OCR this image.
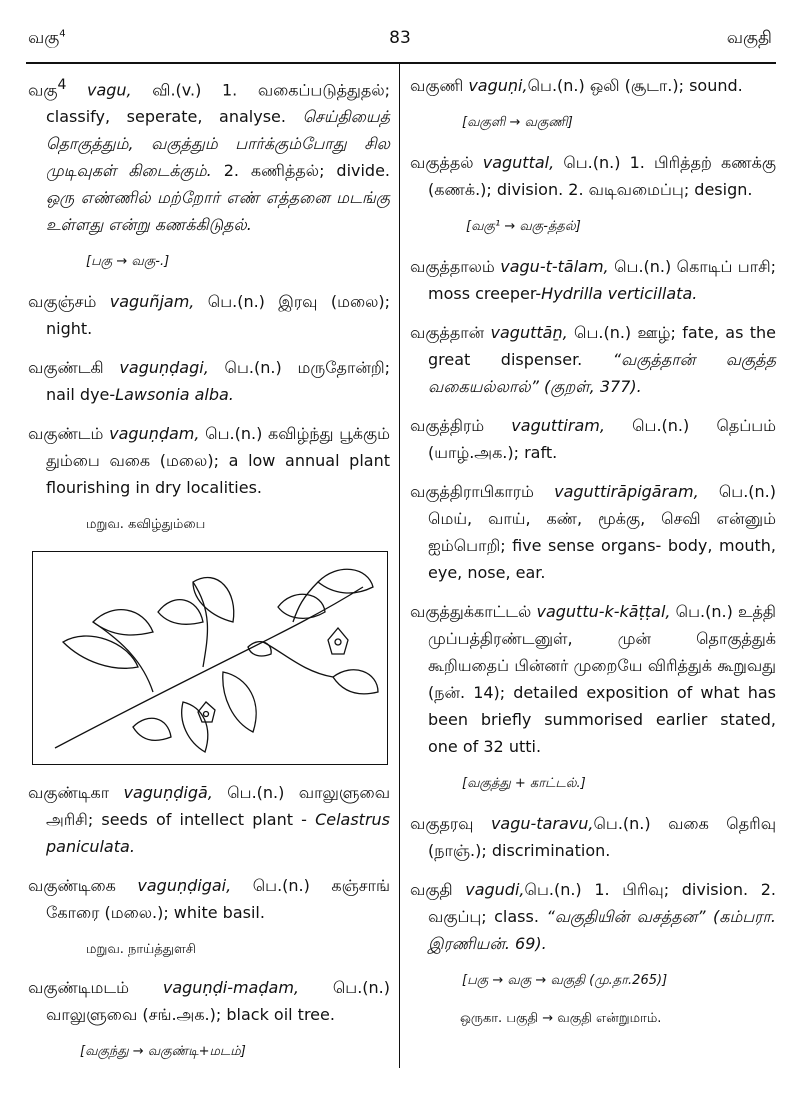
வகு$^4$	83	வகுதி

வகு$^4$ vagu, வி.(v.) 1. வகைப்படுத்துதல்; classify, seperate, analyse. செய்தியைத் தொகுத்தும், வகுத்தும் பார்க்கும்போது சில முடிவுகள் கிடைக்கும். 2. கணித்தல்; divide. ஒரு எண்ணில் மற்றோர் எண் எத்தனை மடங்கு உள்ளது என்று கணக்கிடுதல்.

[பகு → வகு-.]

வகுஞ்சம் vaguñjam, பெ.(n.) இரவு (மலை); night.

வகுண்டகி vaguṇḍagi, பெ.(n.) மருதோன்றி; nail dye-Lawsonia alba.

வகுண்டம் vaguṇḍam, பெ.(n.) கவிழ்ந்து பூக்கும் தும்பை வகை (மலை); a low annual plant flourishing in dry localities.

மறுவ. கவிழ்தும்பை

வகுண்டிகா vaguṇḍigā, பெ.(n.) வாலுளுவை அரிசி; seeds of intellect plant - Celastrus paniculata.

வகுண்டிகை vaguṇḍigai, பெ.(n.) கஞ்சாங் கோரை (மலை.); white basil.

மறுவ. நாய்த்துளசி

வகுண்டிமடம் vaguṇḍi-maḍam, பெ.(n.) வாலுளுவை (சங்.அக.); black oil tree.

[வகுந்து → வகுண்டி+மடம்]

வகுணி vaguṇi,பெ.(n.) ஒலி (சூடா.); sound.

[வகுளி → வகுணி]

வகுத்தல் vaguttal, பெ.(n.) 1. பிரித்தற் கணக்கு (கணக்.); division. 2. வடிவமைப்பு; design.

[வகு¹ → வகு-த்தல்]

வகுத்தாலம் vagu-t-tālam, பெ.(n.) கொடிப் பாசி; moss creeper-Hydrilla verticillata.

வகுத்தான் vaguttāṉ, பெ.(n.) ஊழ்; fate, as the great dispenser. “வகுத்தான் வகுத்த வகையல்லால்” (குறள், 377).

வகுத்திரம் vaguttiram, பெ.(n.) தெப்பம் (யாழ்.அக.); raft.

வகுத்திராபிகாரம் vaguttirāpigāram, பெ.(n.) மெய், வாய், கண், மூக்கு, செவி என்னும் ஐம்பொறி; five sense organs- body, mouth, eye, nose, ear.

வகுத்துக்காட்டல் vaguttu-k-kāṭṭal, பெ.(n.) உத்தி முப்பத்திரண்டனுள், முன் தொகுத்துக் கூறியதைப் பின்னர் முறையே விரித்துக் கூறுவது (நன். 14); detailed exposition of what has been briefly summorised earlier stated, one of 32 utti.

[வகுத்து + காட்டல்.]

வகுதரவு vagu-taravu,பெ.(n.) வகை தெரிவு (நாஞ்.); discrimination.

வகுதி vagudi,பெ.(n.) 1. பிரிவு; division. 2. வகுப்பு; class. “வகுதியின் வசத்தன” (கம்பரா. இரணியன். 69).

[பகு → வகு → வகுதி (மு.தா.265)]
ஒருகா. பகுதி → வகுதி என்றுமாம்.
